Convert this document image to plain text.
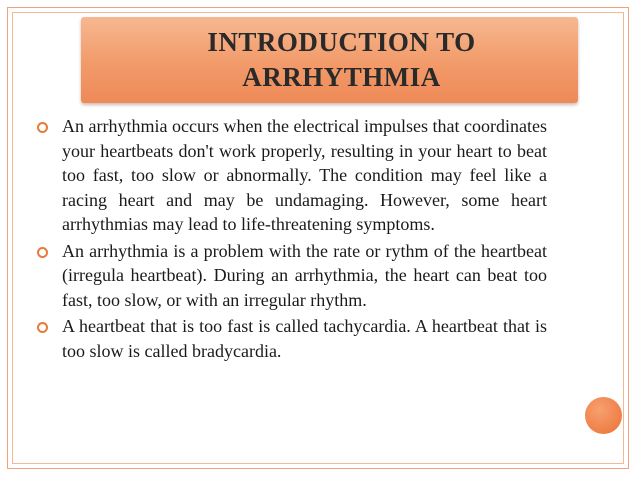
INTRODUCTION TO ARRHYTHMIA
An arrhythmia occurs when the electrical impulses that coordinates your heartbeats don't work properly, resulting in your heart to beat too fast, too slow or abnormally. The condition may feel like a racing heart and may be undamaging. However, some heart arrhythmias may lead to life-threatening symptoms.
An arrhythmia is a problem with the rate or rythm of the heartbeat (irregula heartbeat). During an arrhythmia, the heart can beat too fast, too slow, or with an irregular rhythm.
A heartbeat that is too fast is called tachycardia. A heartbeat that is too slow is called bradycardia.
